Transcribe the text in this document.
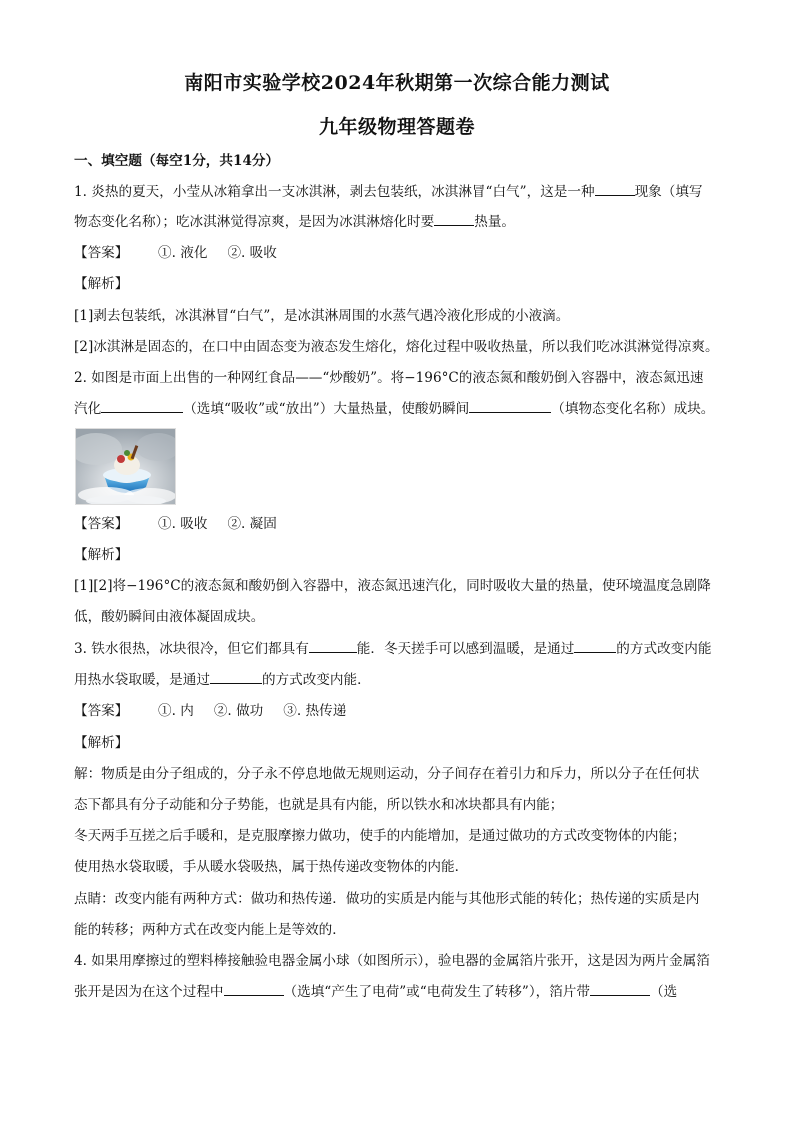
南阳市实验学校2024年秋期第一次综合能力测试
九年级物理答题卷
一、填空题（每空1分，共14分）
1. 炎热的夏天，小莹从冰箱拿出一支冰淇淋，剥去包装纸，冰淇淋冒“白气”，这是一种	现象（填写
物态变化名称）；吃冰淇淋觉得凉爽，是因为冰淇淋熔化时要	热量。
【答案】 ①. 液化 ②. 吸收
【解析】
[1]剥去包装纸，冰淇淋冒“白气”，是冰淇淋周围的水蒸气遇冷液化形成的小液滴。
[2]冰淇淋是固态的，在口中由固态变为液态发生熔化，熔化过程中吸收热量，所以我们吃冰淇淋觉得凉爽。
2. 如图是市面上出售的一种网红食品——“炒酸奶”。将−196°C的液态氮和酸奶倒入容器中，液态氮迅速
汽化	（选填“吸收”或“放出”）大量热量，使酸奶瞬间	（填物态变化名称）成块。
【答案】 ①. 吸收 ②. 凝固
【解析】
[1][2]将−196°C的液态氮和酸奶倒入容器中，液态氮迅速汽化，同时吸收大量的热量，使环境温度急剧降
低，酸奶瞬间由液体凝固成块。
3. 铁水很热，冰块很冷，但它们都具有	能．冬天搓手可以感到温暖，是通过	的方式改变内能
用热水袋取暖，是通过	的方式改变内能．
【答案】 ①. 内 ②. 做功 ③. 热传递
【解析】
解：物质是由分子组成的，分子永不停息地做无规则运动，分子间存在着引力和斥力，所以分子在任何状
态下都具有分子动能和分子势能，也就是具有内能，所以铁水和冰块都具有内能；
冬天两手互搓之后手暖和，是克服摩擦力做功，使手的内能增加，是通过做功的方式改变物体的内能；
使用热水袋取暖，手从暖水袋吸热，属于热传递改变物体的内能．
点睛：改变内能有两种方式：做功和热传递．做功的实质是内能与其他形式能的转化；热传递的实质是内
能的转移；两种方式在改变内能上是等效的．
4. 如果用摩擦过的塑料棒接触验电器金属小球（如图所示），验电器的金属箔片张开，这是因为两片金属箔
张开是因为在这个过程中	（选填“产生了电荷”或“电荷发生了转移”），箔片带	（选
